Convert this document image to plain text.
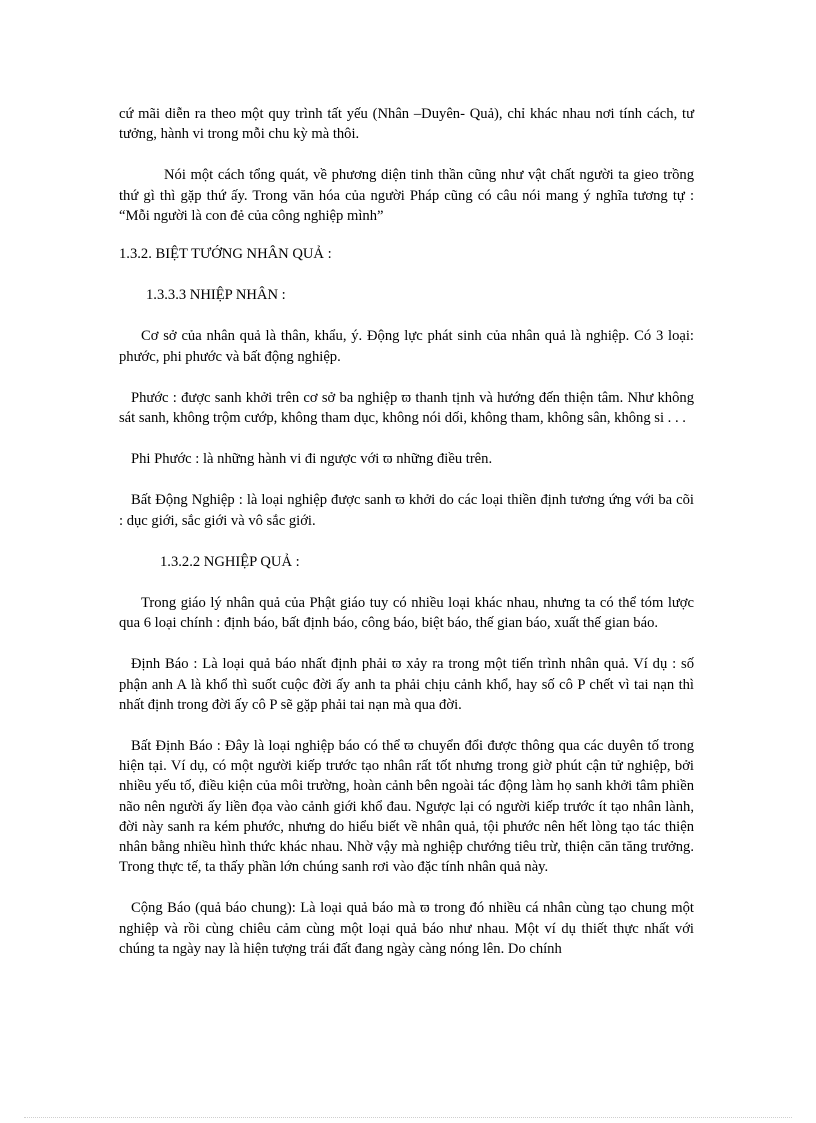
cứ mãi diễn ra theo một quy trình tất yếu (Nhân –Duyên- Quả), chỉ khác nhau nơi tính cách, tư tưởng, hành vi trong mỗi chu kỳ mà thôi.

Nói một cách tổng quát, về phương diện tinh thần cũng như vật chất người ta gieo trồng thứ gì thì gặp thứ ấy. Trong văn hóa của người Pháp cũng có câu nói mang ý nghĩa tương tự : “Mỗi người là con đẻ của công nghiệp mình”

1.3.2. BIỆT TƯỚNG NHÂN QUẢ :

1.3.3.3 NHIỆP NHÂN :

Cơ sở của nhân quả là thân, khẩu, ý. Động lực phát sinh của nhân quả là nghiệp. Có 3 loại: phước, phi phước và bất động nghiệp.

Phước : được sanh khởi trên cơ sở ba nghiệp ϖ thanh tịnh và hướng đến thiện tâm. Như không sát sanh, không trộm cướp, không tham dục, không nói dối, không tham, không sân, không si . . .

Phi Phước : là những hành vi đi ngược với ϖ những điều trên.

Bất Động Nghiệp : là loại nghiệp được sanh ϖ khởi do các loại thiền định tương ứng với ba cõi : dục giới, sắc giới và vô sắc giới.

1.3.2.2 NGHIỆP QUẢ :

Trong giáo lý nhân quả của Phật giáo tuy có nhiều loại khác nhau, nhưng ta có thể tóm lược qua 6 loại chính : định báo, bất định báo, công báo, biệt báo, thế gian báo, xuất thế gian báo.

Định Báo : Là loại quả báo nhất định phải ϖ xảy ra trong một tiến trình nhân quả. Ví dụ : số phận anh A là khổ thì suốt cuộc đời ấy anh ta phải chịu cảnh khổ, hay số cô P chết vì tai nạn thì nhất định trong đời ấy cô P sẽ gặp phải tai nạn mà qua đời.

Bất Định Báo : Đây là loại nghiệp báo có thể ϖ chuyển đổi được thông qua các duyên tố trong hiện tại. Ví dụ, có một người kiếp trước tạo nhân rất tốt nhưng trong giờ phút cận tử nghiệp, bởi nhiều yếu tố, điều kiện của môi trường, hoàn cảnh bên ngoài tác động làm họ sanh khởi tâm phiền não nên người ấy liền đọa vào cảnh giới khổ đau. Ngược lại có người kiếp trước ít tạo nhân lành, đời này sanh ra kém phước, nhưng do hiểu biết về nhân quả, tội phước nên hết lòng tạo tác thiện nhân bằng nhiều hình thức khác nhau. Nhờ vậy mà nghiệp chướng tiêu trừ, thiện căn tăng trưởng. Trong thực tế, ta thấy phần lớn chúng sanh rơi vào đặc tính nhân quả này.

Cộng Báo (quả báo chung): Là loại quả báo mà ϖ trong đó nhiều cá nhân cùng tạo chung một nghiệp và rồi cùng chiêu cảm cùng một loại quả báo như nhau. Một ví dụ thiết thực nhất với chúng ta ngày nay là hiện tượng trái đất đang ngày càng nóng lên. Do chính
